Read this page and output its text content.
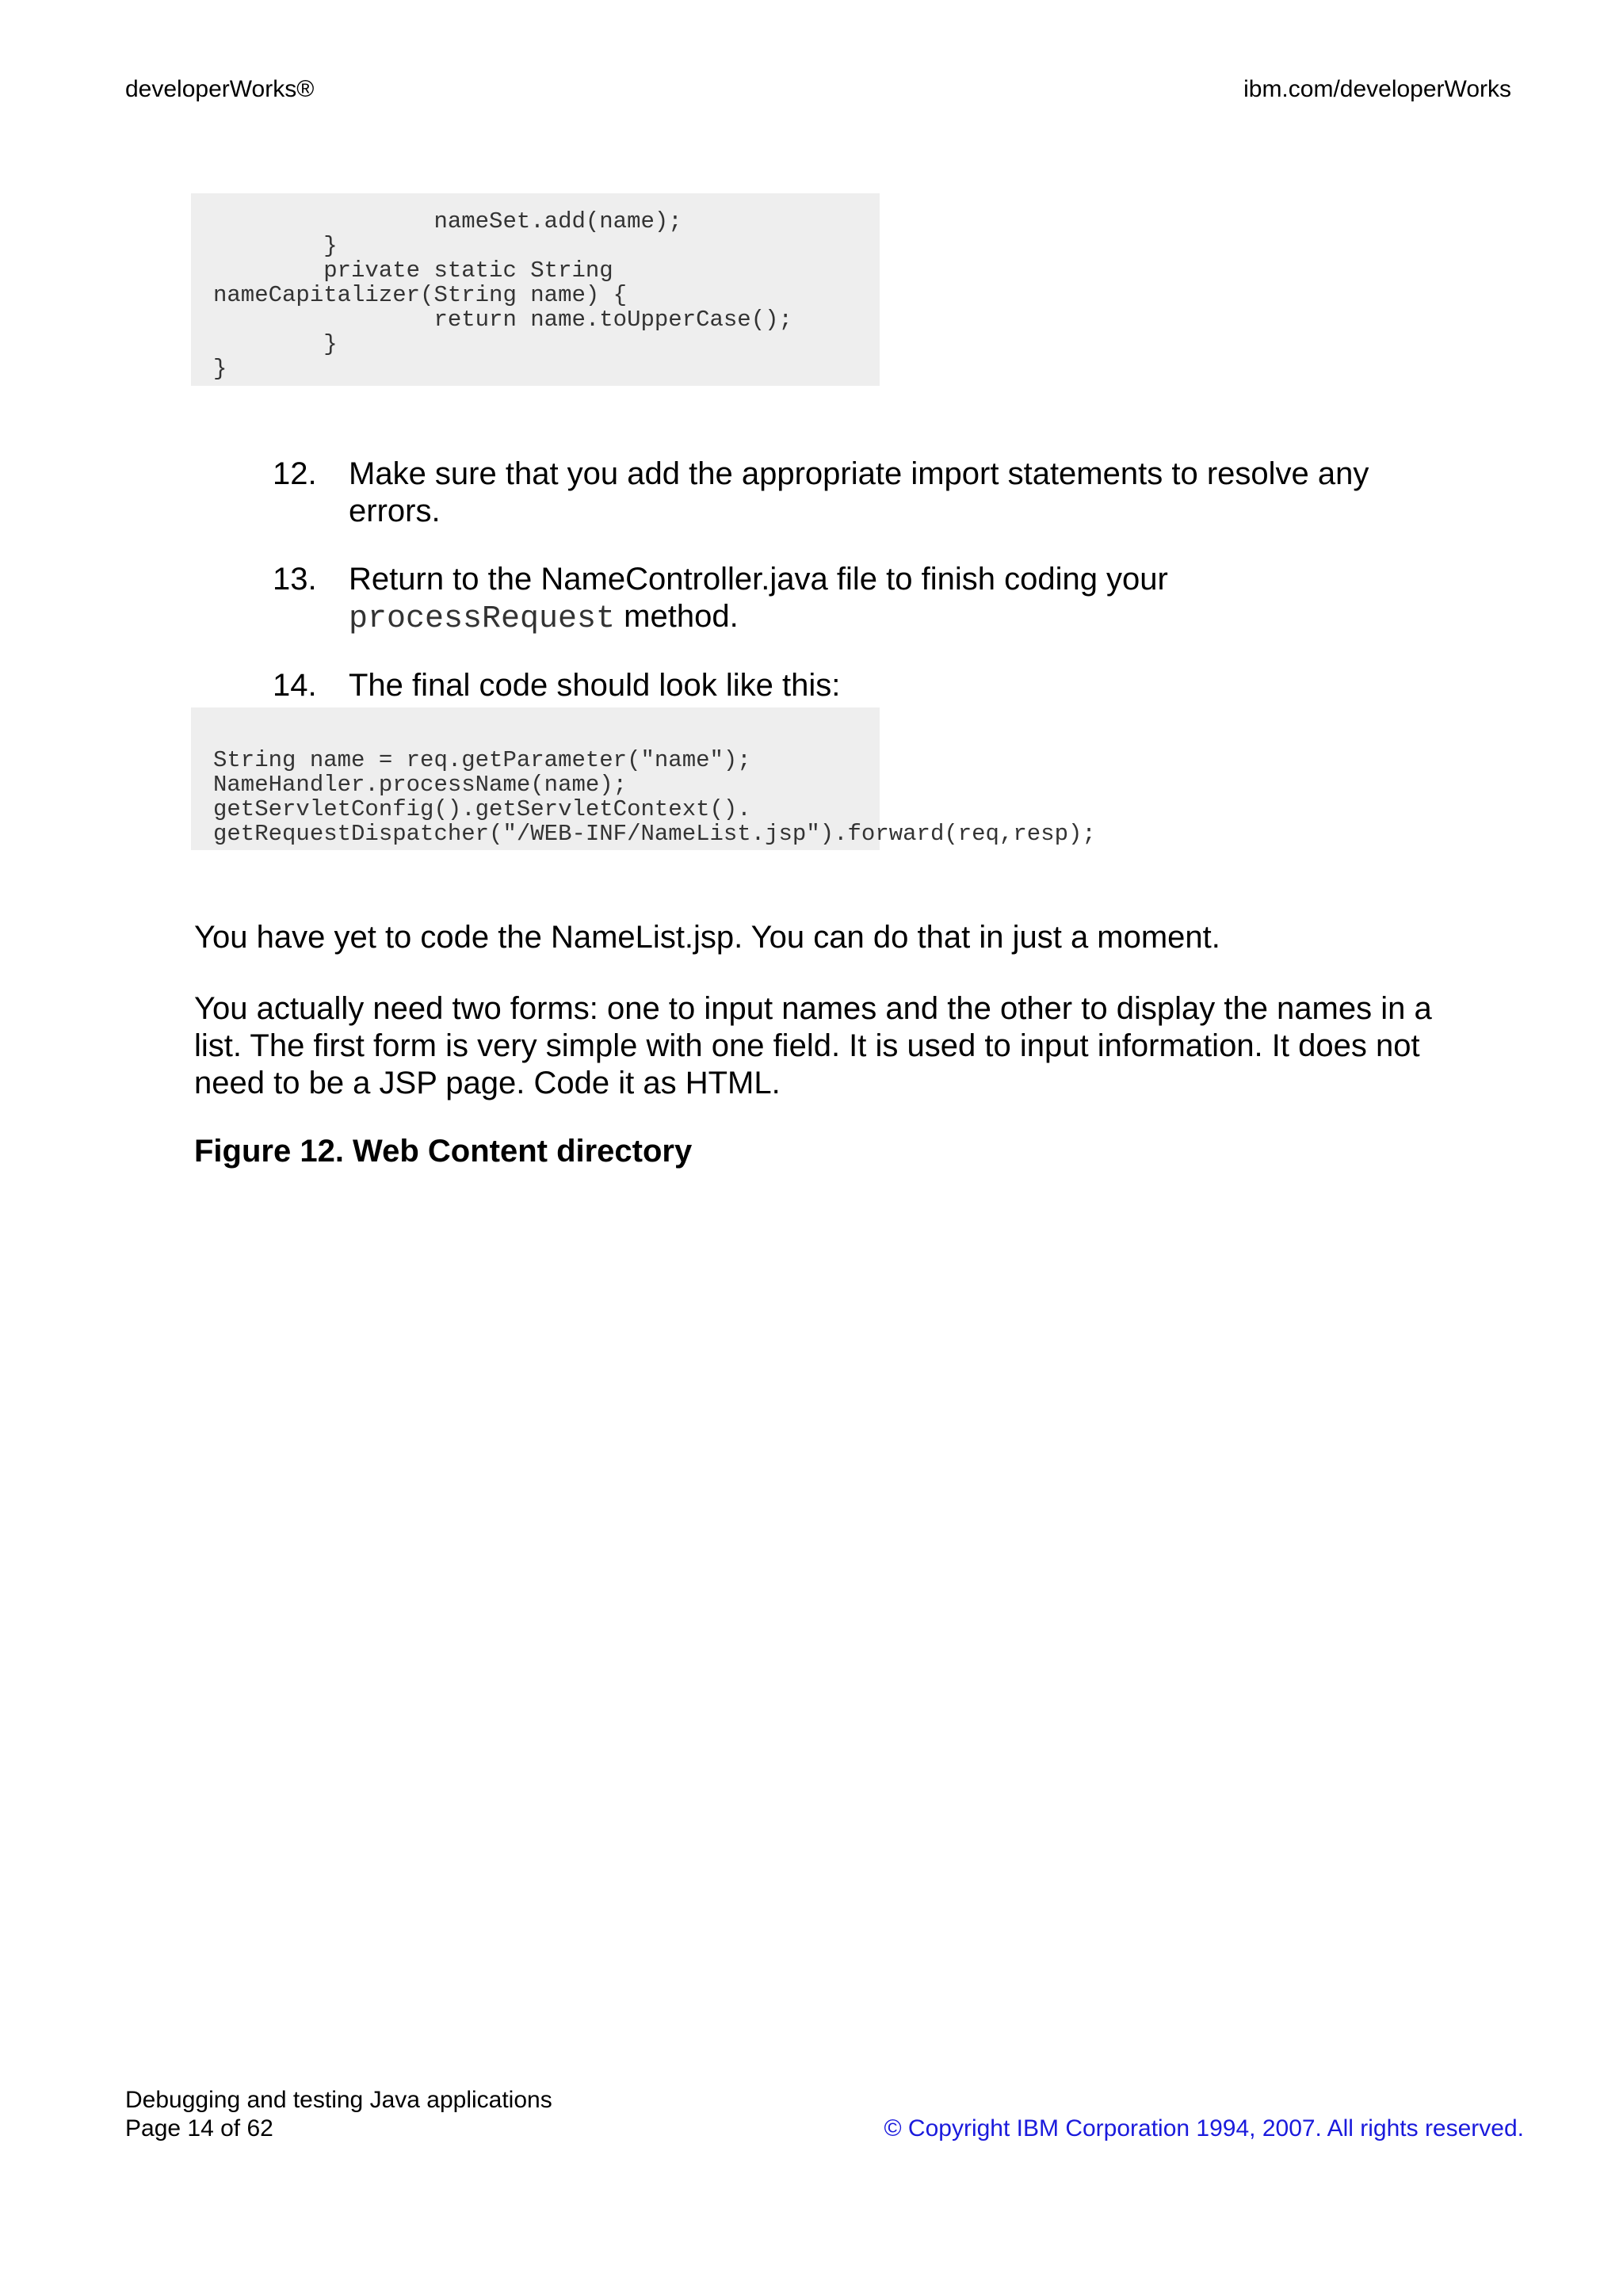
developerWorks®	ibm.com/developerWorks
nameSet.add(name);
}
private static String
nameCapitalizer(String name) {
return name.toUpperCase();
}
}
12. Make sure that you add the appropriate import statements to resolve any errors.
13. Return to the NameController.java file to finish coding your
processRequest method.
14. The final code should look like this:
String name = req.getParameter("name");
NameHandler.processName(name);
getServletConfig().getServletContext().
getRequestDispatcher("/WEB-INF/NameList.jsp").forward(req,resp);

You have yet to code the NameList.jsp. You can do that in just a moment.

You actually need two forms: one to input names and the other to display the names in a list. The first form is very simple with one field. It is used to input information. It does not need to be a JSP page. Code it as HTML.

Figure 12. Web Content directory

Debugging and testing Java applications
Page 14 of 62	© Copyright IBM Corporation 1994, 2007. All rights reserved.
